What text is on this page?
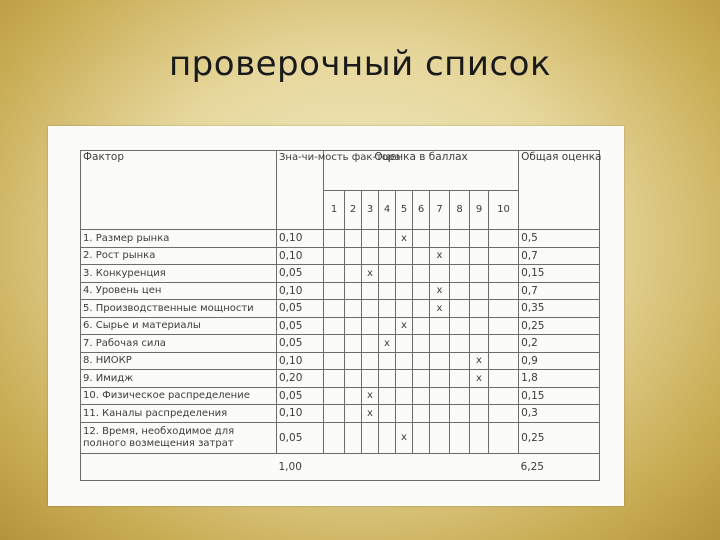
проверочный список
Фактор	Зна-чи-мость фак-тора	Оценка в баллах										Общая оценка
		1	2	3	4	5	6	7	8	9	10	
1. Размер рынка	0,10					x						0,5
2. Рост рынка	0,10							x				0,7
3. Конкуренция	0,05			x								0,15
4. Уровень цен	0,10							x				0,7
5. Производственные мощности	0,05							x				0,35
6. Сырье и материалы	0,05					x						0,25
7. Рабочая сила	0,05				x							0,2
8. НИОКР	0,10									x		0,9
9. Имидж	0,20									x		1,8
10. Физическое распределение	0,05			x								0,15
11. Каналы распределения	0,10			x								0,3
12. Время, необходимое для полного возмещения затрат	0,05					x						0,25
	1,00											6,25
